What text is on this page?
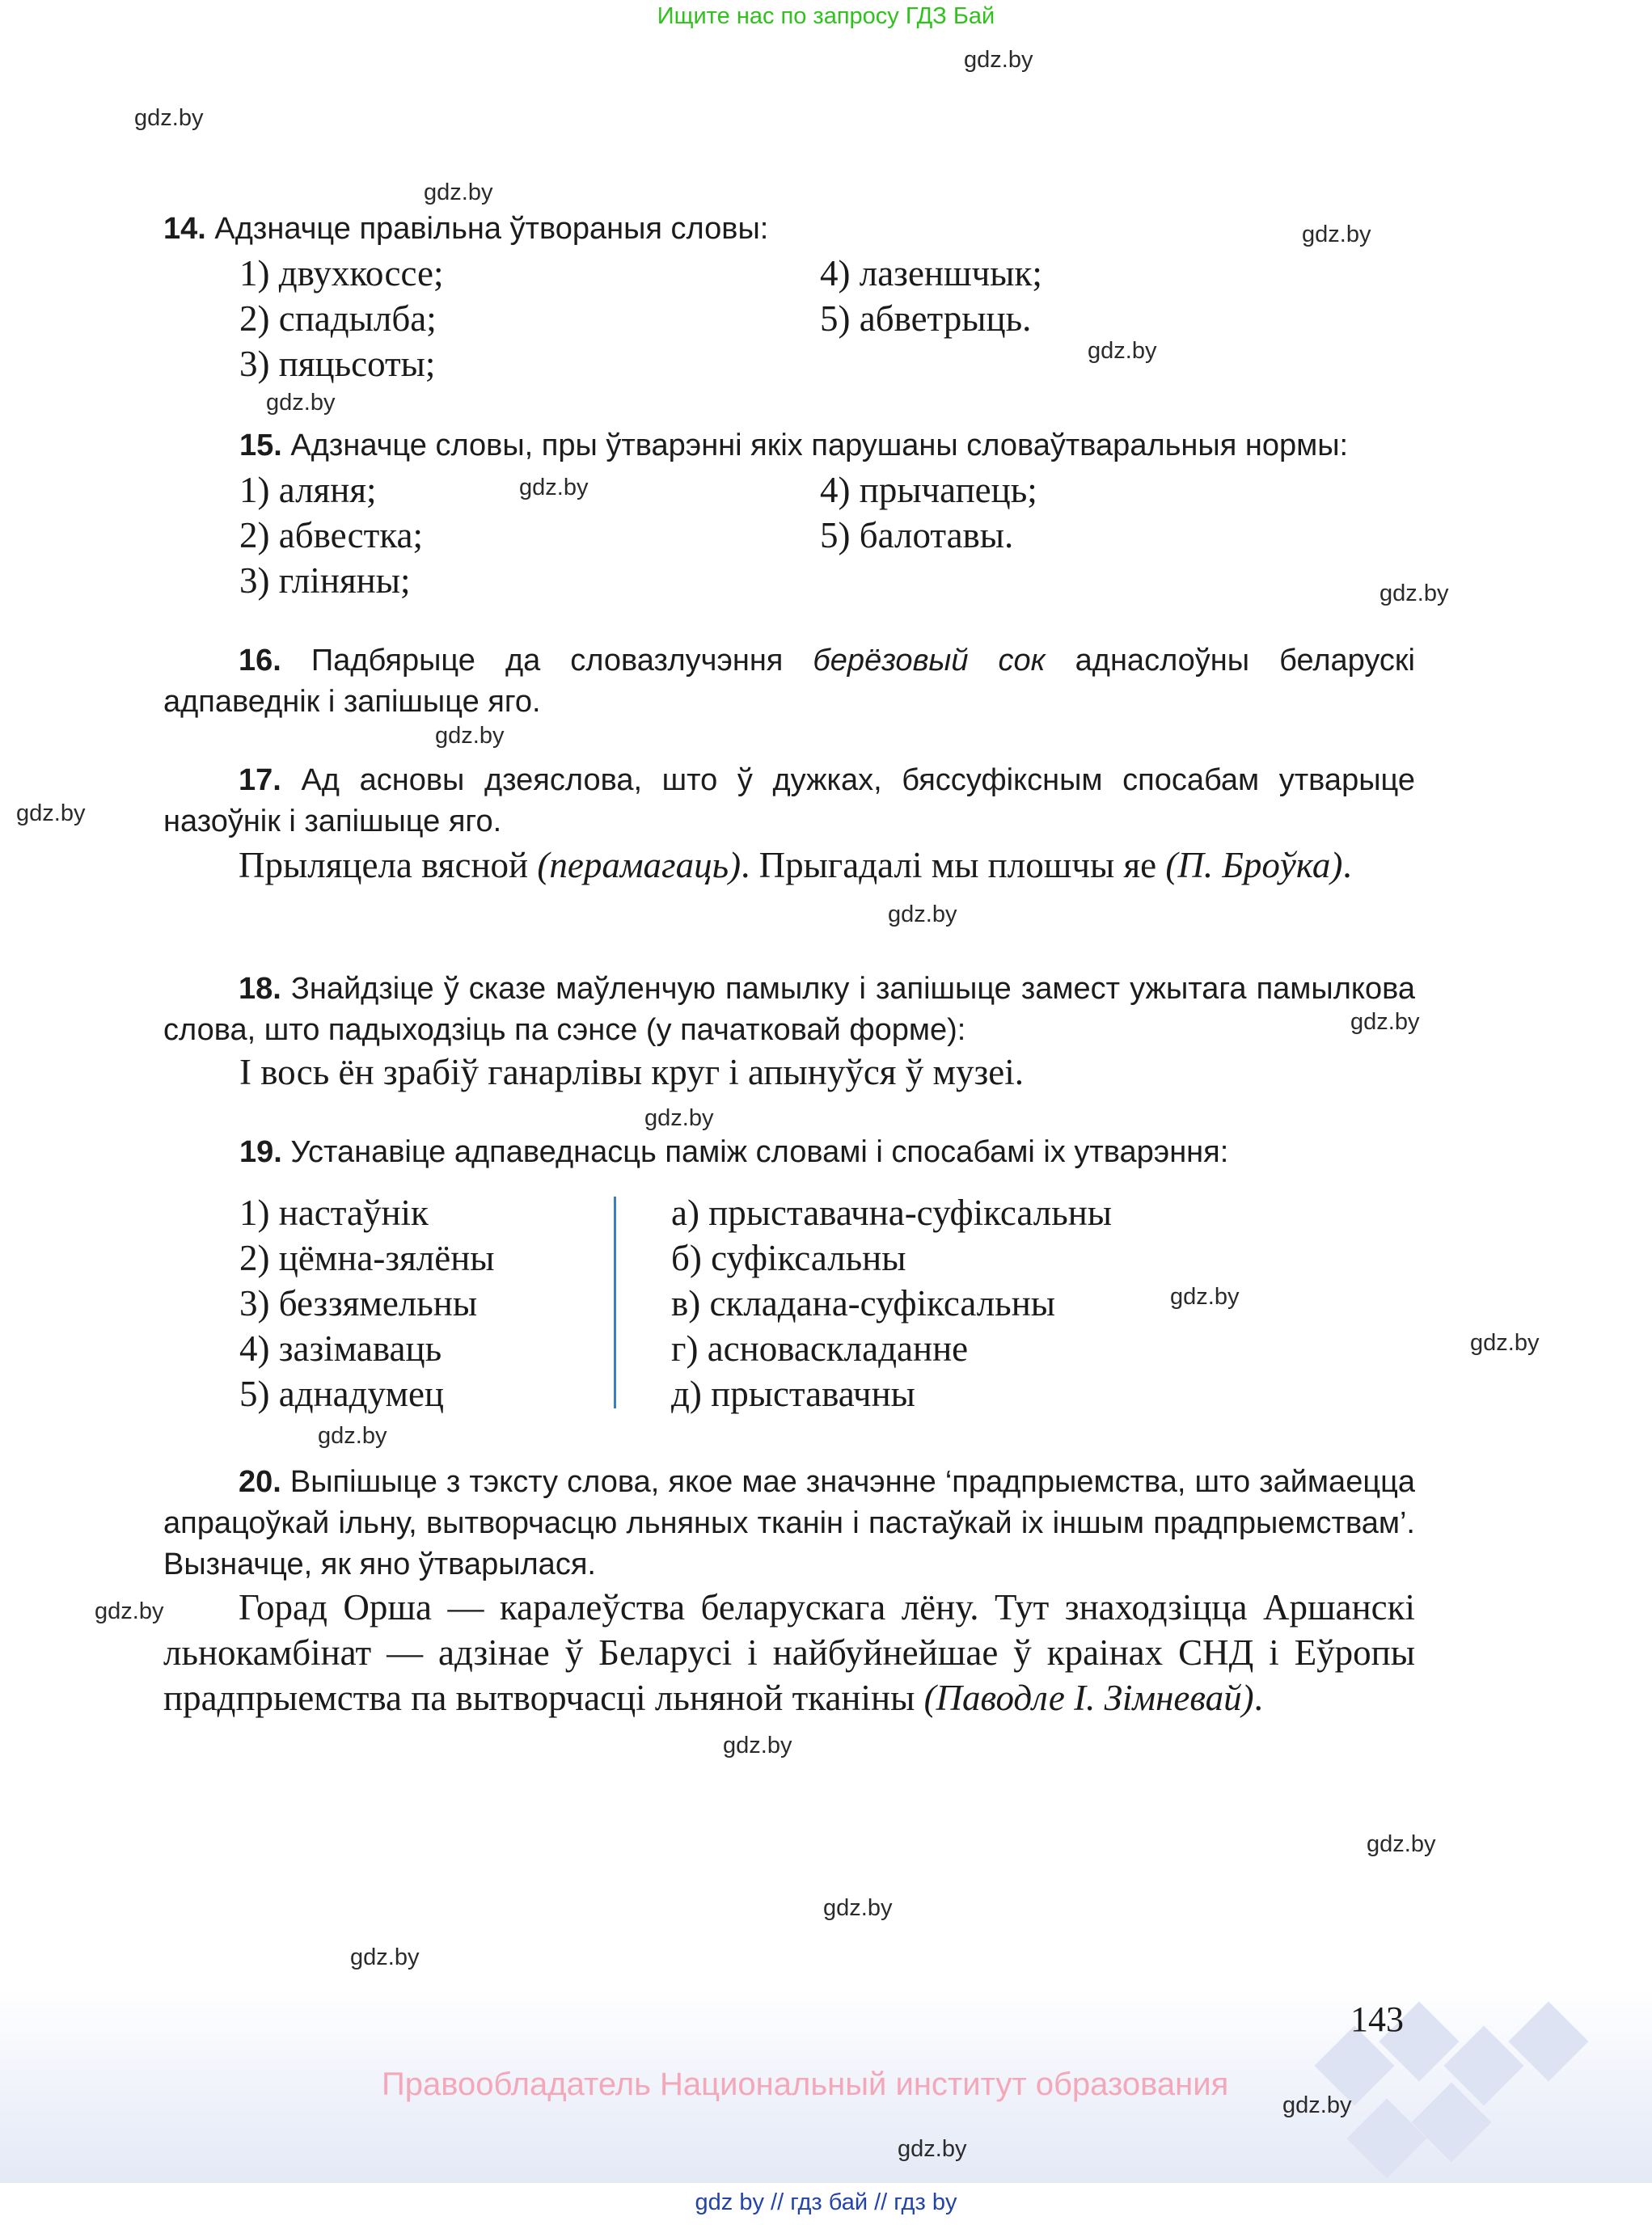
Ищите нас по запросу ГДЗ Бай
gdz.by
gdz.by
gdz.by
gdz.by
gdz.by
gdz.by
gdz.by
gdz.by
gdz.by
gdz.by
gdz.by
gdz.by
gdz.by
gdz.by
gdz.by
gdz.by
gdz.by
gdz.by
gdz.by
gdz.by
gdz.by
14. Адзначце правільна ўтвораныя словы:
1) двухкоссе;
2) спадылба;
3) пяцьсоты;
4) лазеншчык;
5) абветрыць.
15. Адзначце словы, пры ўтварэнні якіх парушаны словаўтваральныя нормы:
1) аляня;
2) абвестка;
3) гліняны;
4) прычапець;
5) балотавы.
16. Падбярыце да словазлучэння берёзовый сок аднаслоўны беларускі адпаведнік і запішыце яго.
17. Ад асновы дзеяслова, што ў дужках, бяссуфіксным спосабам утварыце назоўнік і запішыце яго.
Прыляцела вясной (перамагаць). Прыгадалі мы плошчы яе (П. Броўка).
18. Знайдзіце ў сказе маўленчую памылку і запішыце замест ужытага памылкова слова, што падыходзіць па сэнсе (у пачатковай форме):
І вось ён зрабіў ганарлівы круг і апынуўся ў музеі.
19. Устанавіце адпаведнасць паміж словамі і спосабамі іх утварэння:
1) настаўнік
2) цёмна-зялёны
3) беззямельны
4) зазімаваць
5) аднадумец
а) прыставачна-суфіксальны
б) суфіксальны
в) складана-суфіксальны
г) асноваскладанне
д) прыставачны
20. Выпішыце з тэксту слова, якое мае значэнне ‘прадпрыемства, што займаецца апрацоўкай ільну, вытворчасцю льняных тканін і пастаўкай іх іншым прадпрыемствам’. Вызначце, як яно ўтварылася.
Горад Орша — каралеўства беларускага лёну. Тут знаходзіцца Аршанскі льнокамбінат — адзінае ў Беларусі і найбуйнейшае ў краінах СНД і Еўропы прадпрыемства па вытворчасці льняной тканіны (Паводле І. Зімневай).
143
Правообладатель Национальный институт образования
gdz.by
gdz.by
gdz by // гдз бай // гдз by
